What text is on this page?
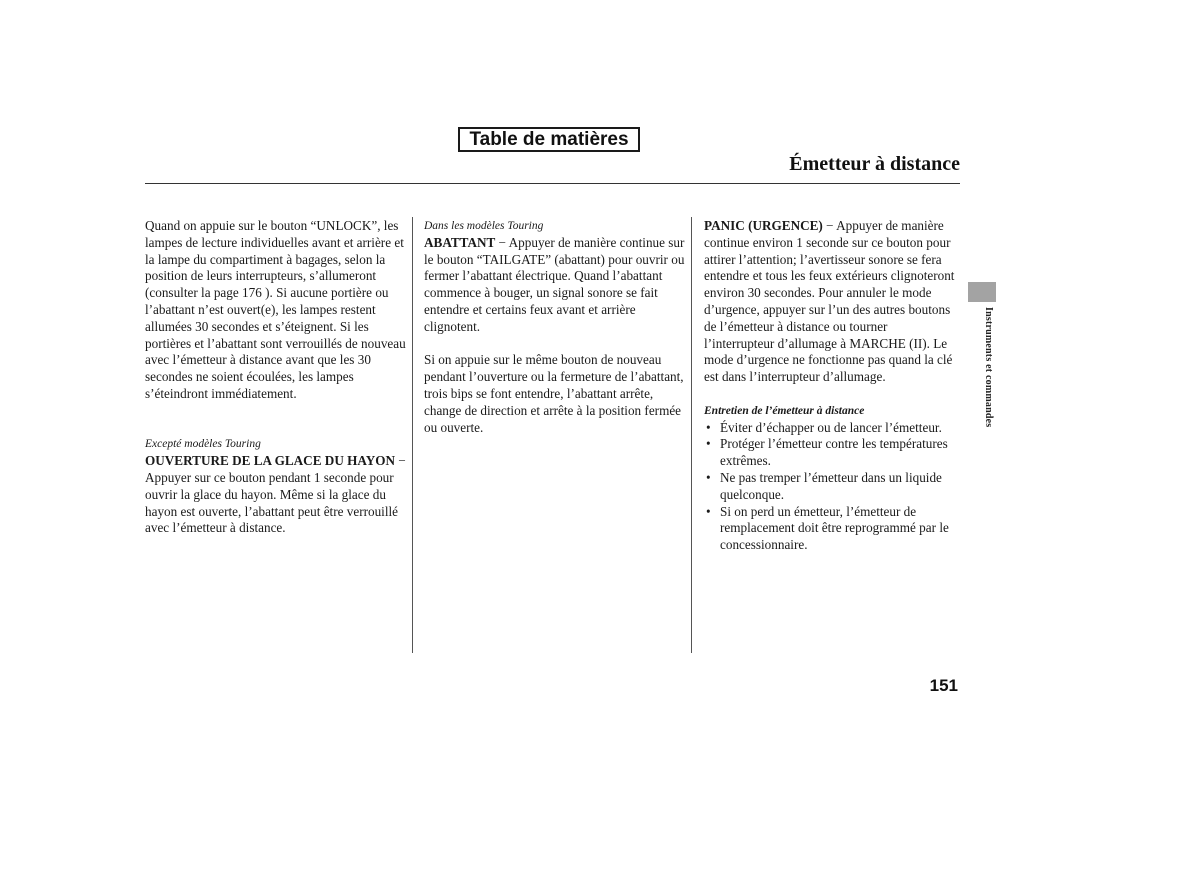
Table de matières
Émetteur à distance

Quand on appuie sur le bouton “UNLOCK”, les lampes de lecture individuelles avant et arrière et la lampe du compartiment à bagages, selon la position de leurs interrupteurs, s’allumeront (consulter la page 176 ). Si aucune portière ou l’abattant n’est ouvert(e), les lampes restent allumées 30 secondes et s’éteignent. Si les portières et l’abattant sont verrouillés de nouveau avec l’émetteur à distance avant que les 30 secondes ne soient écoulées, les lampes s’éteindront immédiatement.

Excepté modèles Touring

OUVERTURE DE LA GLACE DU HAYON − Appuyer sur ce bouton pendant 1 seconde pour ouvrir la glace du hayon. Même si la glace du hayon est ouverte, l’abattant peut être verrouillé avec l’émetteur à distance.

Dans les modèles Touring

ABATTANT − Appuyer de manière continue sur le bouton “TAILGATE” (abattant) pour ouvrir ou fermer l’abattant électrique. Quand l’abattant commence à bouger, un signal sonore se fait entendre et certains feux avant et arrière clignotent.

Si on appuie sur le même bouton de nouveau pendant l’ouverture ou la fermeture de l’abattant, trois bips se font entendre, l’abattant arrête, change de direction et arrête à la position fermée ou ouverte.

PANIC (URGENCE) − Appuyer de manière continue environ 1 seconde sur ce bouton pour attirer l’attention; l’avertisseur sonore se fera entendre et tous les feux extérieurs clignoteront environ 30 secondes. Pour annuler le mode d’urgence, appuyer sur l’un des autres boutons de l’émetteur à distance ou tourner l’interrupteur d’allumage à MARCHE (II). Le mode d’urgence ne fonctionne pas quand la clé est dans l’interrupteur d’allumage.

Entretien de l’émetteur à distance

• Éviter d’échapper ou de lancer l’émetteur.
• Protéger l’émetteur contre les températures extrêmes.
• Ne pas tremper l’émetteur dans un liquide quelconque.
• Si on perd un émetteur, l’émetteur de remplacement doit être reprogrammé par le concessionnaire.
Instruments et commandes
151
